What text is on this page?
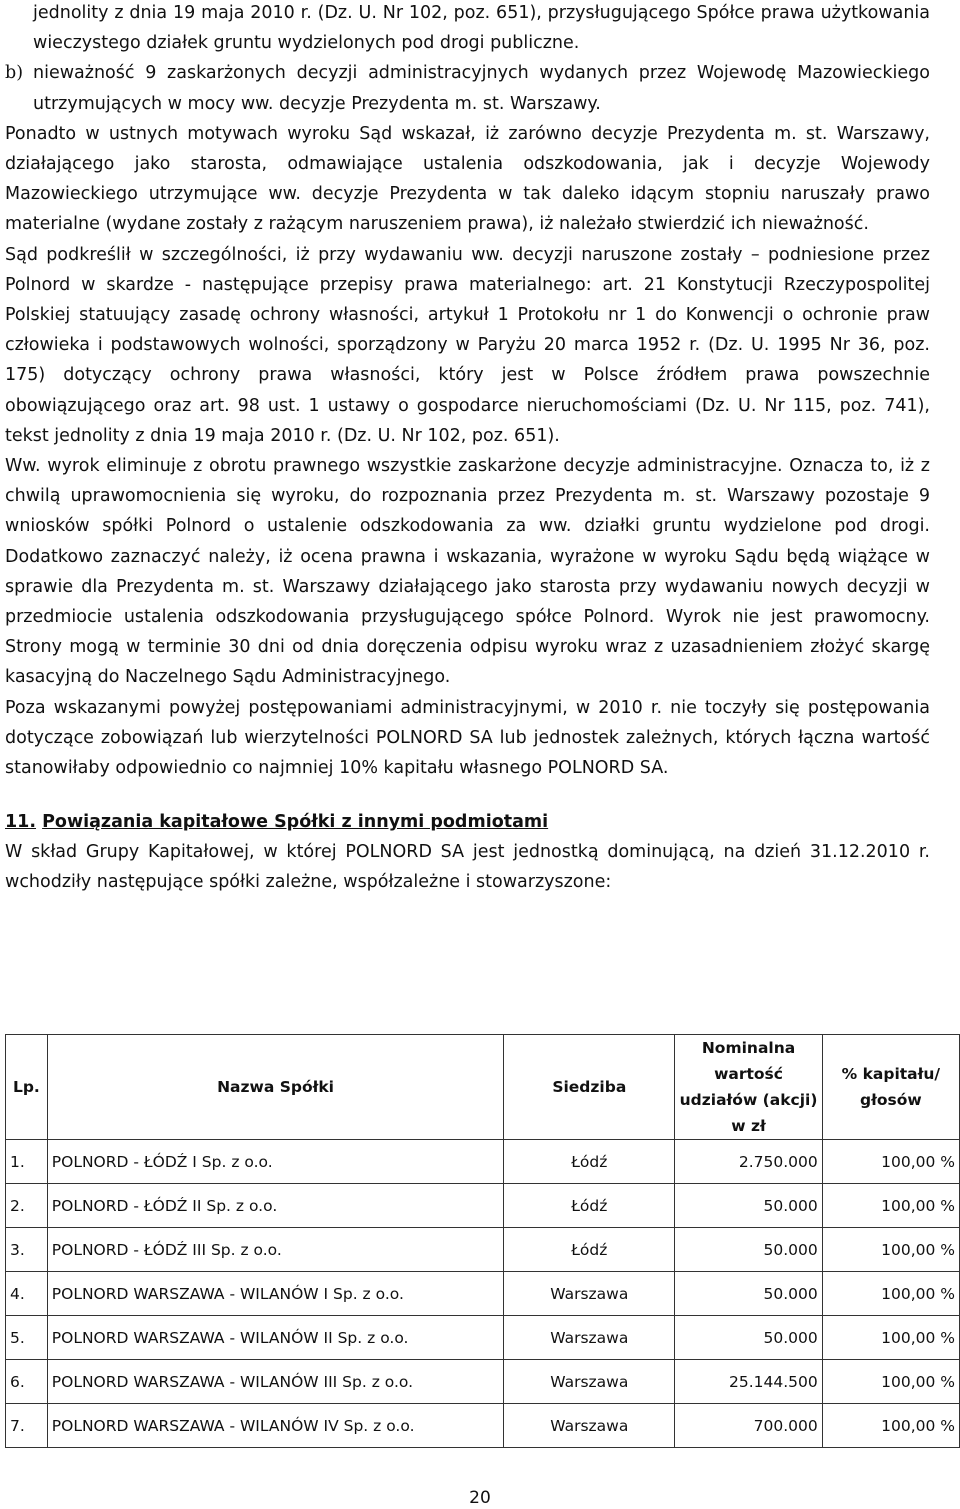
jednolity z dnia 19 maja 2010 r. (Dz. U. Nr 102, poz. 651), przysługującego Spółce prawa użytkowania wieczystego działek gruntu wydzielonych pod drogi publiczne.

b) nieważność 9 zaskarżonych decyzji administracyjnych wydanych przez Wojewodę Mazowieckiego utrzymujących w mocy ww. decyzje Prezydenta m. st. Warszawy.

Ponadto w ustnych motywach wyroku Sąd wskazał, iż zarówno decyzje Prezydenta m. st. Warszawy, działającego jako starosta, odmawiające ustalenia odszkodowania, jak i decyzje Wojewody Mazowieckiego utrzymujące ww. decyzje Prezydenta w tak daleko idącym stopniu naruszały prawo materialne (wydane zostały z rażącym naruszeniem prawa), iż należało stwierdzić ich nieważność.

Sąd podkreślił w szczególności, iż przy wydawaniu ww. decyzji naruszone zostały – podniesione przez Polnord w skardze - następujące przepisy prawa materialnego: art. 21 Konstytucji Rzeczypospolitej Polskiej statuujący zasadę ochrony własności, artykuł 1 Protokołu nr 1 do Konwencji o ochronie praw człowieka i podstawowych wolności, sporządzony w Paryżu 20 marca 1952 r. (Dz. U. 1995 Nr 36, poz. 175) dotyczący ochrony prawa własności, który jest w Polsce źródłem prawa powszechnie obowiązującego oraz art. 98 ust. 1 ustawy o gospodarce nieruchomościami (Dz. U. Nr 115, poz. 741), tekst jednolity z dnia 19 maja 2010 r. (Dz. U. Nr 102, poz. 651).

Ww. wyrok eliminuje z obrotu prawnego wszystkie zaskarżone decyzje administracyjne. Oznacza to, iż z chwilą uprawomocnienia się wyroku, do rozpoznania przez Prezydenta m. st. Warszawy pozostaje 9 wniosków spółki Polnord o ustalenie odszkodowania za ww. działki gruntu wydzielone pod drogi. Dodatkowo zaznaczyć należy, iż ocena prawna i wskazania, wyrażone w wyroku Sądu będą wiążące w sprawie dla Prezydenta m. st. Warszawy działającego jako starosta przy wydawaniu nowych decyzji w przedmiocie ustalenia odszkodowania przysługującego spółce Polnord. Wyrok nie jest prawomocny. Strony mogą w terminie 30 dni od dnia doręczenia odpisu wyroku wraz z uzasadnieniem złożyć skargę kasacyjną do Naczelnego Sądu Administracyjnego.

Poza wskazanymi powyżej postępowaniami administracyjnymi, w 2010 r. nie toczyły się postępowania dotyczące zobowiązań lub wierzytelności POLNORD SA lub jednostek zależnych, których łączna wartość stanowiłaby odpowiednio co najmniej 10% kapitału własnego POLNORD SA.

11. Powiązania kapitałowe Spółki z innymi podmiotami

W skład Grupy Kapitałowej, w której POLNORD SA jest jednostką dominującą, na dzień 31.12.2010 r. wchodziły następujące spółki zależne, współzależne i stowarzyszone:

Lp.	Nazwa Spółki	Siedziba	Nominalna wartość udziałów (akcji) w zł	% kapitału/ głosów
1.	POLNORD - ŁÓDŹ I Sp. z o.o.	Łódź	2.750.000	100,00 %
2.	POLNORD - ŁÓDŹ II Sp. z o.o.	Łódź	50.000	100,00 %
3.	POLNORD - ŁÓDŹ III Sp. z o.o.	Łódź	50.000	100,00 %
4.	POLNORD WARSZAWA - WILANÓW I Sp. z o.o.	Warszawa	50.000	100,00 %
5.	POLNORD WARSZAWA - WILANÓW II Sp. z o.o.	Warszawa	50.000	100,00 %
6.	POLNORD WARSZAWA - WILANÓW III Sp. z o.o.	Warszawa	25.144.500	100,00 %
7.	POLNORD WARSZAWA - WILANÓW IV Sp. z o.o.	Warszawa	700.000	100,00 %
20
